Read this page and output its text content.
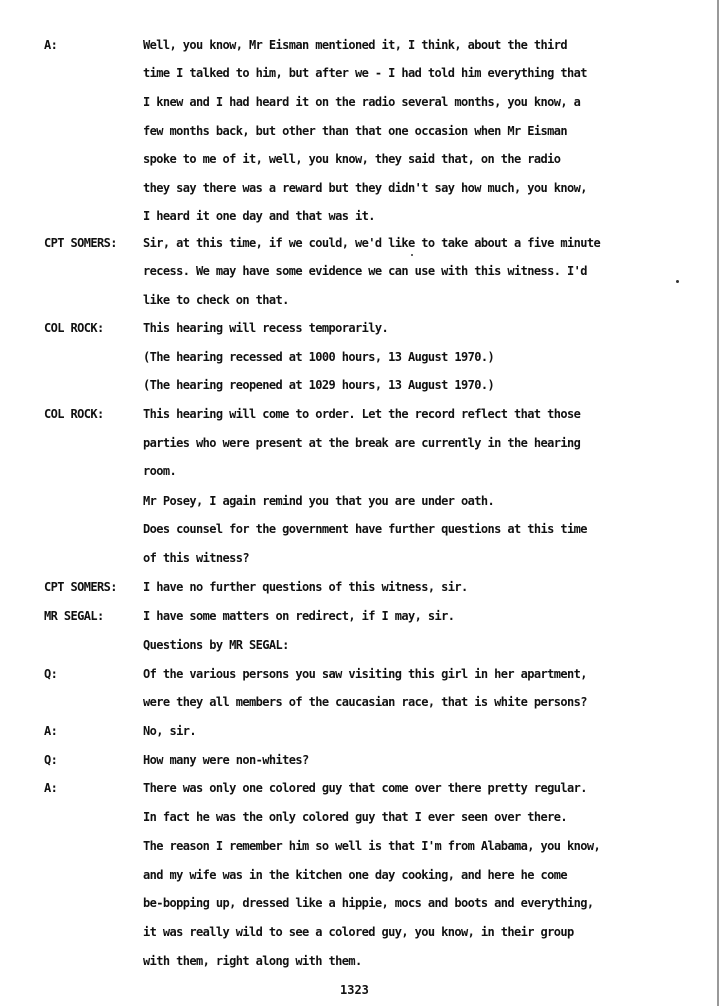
A:	Well, you know, Mr Eisman mentioned it, I think, about the third
time I talked to him, but after we - I had told him everything that
I knew and I had heard it on the radio several months, you know, a
few months back, but other than that one occasion when Mr Eisman
spoke to me of it, well, you know, they said that, on the radio
they say there was a reward but they didn't say how much, you know,
I heard it one day and that was it.
CPT SOMERS: Sir, at this time, if we could, we'd like to take about a five minute
recess. We may have some evidence we can use with this witness. I'd
like to check on that.
COL ROCK:	This hearing will recess temporarily.
(The hearing recessed at 1000 hours, 13 August 1970.)
(The hearing reopened at 1029 hours, 13 August 1970.)
COL ROCK:	This hearing will come to order. Let the record reflect that those
parties who were present at the break are currently in the hearing
room.
Mr Posey, I again remind you that you are under oath.
Does counsel for the government have further questions at this time
of this witness?
CPT SOMERS: I have no further questions of this witness, sir.
MR SEGAL:	I have some matters on redirect, if I may, sir.
Questions by MR SEGAL:
Q:	Of the various persons you saw visiting this girl in her apartment,
were they all members of the caucasian race, that is white persons?
A:	No, sir.
Q:	How many were non-whites?
A:	There was only one colored guy that come over there pretty regular.
In fact he was the only colored guy that I ever seen over there.
The reason I remember him so well is that I'm from Alabama, you know,
and my wife was in the kitchen one day cooking, and here he come
be-bopping up, dressed like a hippie, mocs and boots and everything,
it was really wild to see a colored guy, you know, in their group
with them, right along with them.
1323
